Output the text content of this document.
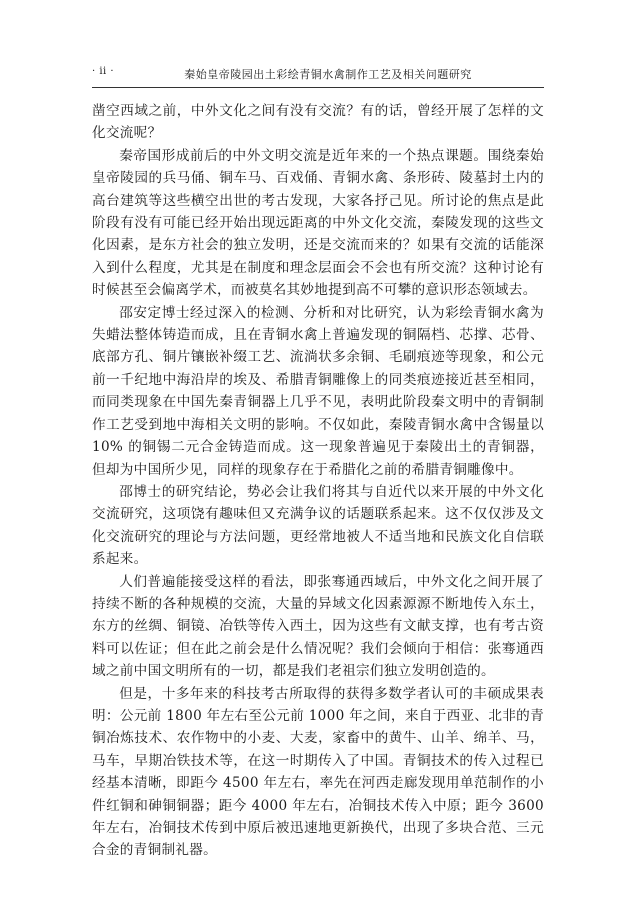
· ii ·	秦始皇帝陵园出土彩绘青铜水禽制作工艺及相关问题研究

凿空西域之前，中外文化之间有没有交流？有的话，曾经开展了怎样的文化交流呢？

秦帝国形成前后的中外文明交流是近年来的一个热点课题。围绕秦始皇帝陵园的兵马俑、铜车马、百戏俑、青铜水禽、条形砖、陵墓封土内的高台建筑等这些横空出世的考古发现，大家各抒己见。所讨论的焦点是此阶段有没有可能已经开始出现远距离的中外文化交流，秦陵发现的这些文化因素，是东方社会的独立发明，还是交流而来的？如果有交流的话能深入到什么程度，尤其是在制度和理念层面会不会也有所交流？这种讨论有时候甚至会偏离学术，而被莫名其妙地提到高不可攀的意识形态领域去。

邵安定博士经过深入的检测、分析和对比研究，认为彩绘青铜水禽为失蜡法整体铸造而成，且在青铜水禽上普遍发现的铜隔档、芯撑、芯骨、底部方孔、铜片镶嵌补缀工艺、流淌状多余铜、毛刷痕迹等现象，和公元前一千纪地中海沿岸的埃及、希腊青铜雕像上的同类痕迹接近甚至相同，而同类现象在中国先秦青铜器上几乎不见，表明此阶段秦文明中的青铜制作工艺受到地中海相关文明的影响。不仅如此，秦陵青铜水禽中含锡量以10% 的铜锡二元合金铸造而成。这一现象普遍见于秦陵出土的青铜器，但却为中国所少见，同样的现象存在于希腊化之前的希腊青铜雕像中。

邵博士的研究结论，势必会让我们将其与自近代以来开展的中外文化交流研究，这项饶有趣味但又充满争议的话题联系起来。这不仅仅涉及文化交流研究的理论与方法问题，更经常地被人不适当地和民族文化自信联系起来。

人们普遍能接受这样的看法，即张骞通西域后，中外文化之间开展了持续不断的各种规模的交流，大量的异域文化因素源源不断地传入东土，东方的丝绸、铜镜、冶铁等传入西土，因为这些有文献支撑，也有考古资料可以佐证；但在此之前会是什么情况呢？我们会倾向于相信：张骞通西域之前中国文明所有的一切，都是我们老祖宗们独立发明创造的。

但是，十多年来的科技考古所取得的获得多数学者认可的丰硕成果表明：公元前 1800 年左右至公元前 1000 年之间，来自于西亚、北非的青铜冶炼技术、农作物中的小麦、大麦，家畜中的黄牛、山羊、绵羊、马，马车，早期冶铁技术等，在这一时期传入了中国。青铜技术的传入过程已经基本清晰，即距今 4500 年左右，率先在河西走廊发现用单范制作的小件红铜和砷铜铜器；距今 4000 年左右，冶铜技术传入中原；距今 3600 年左右，冶铜技术传到中原后被迅速地更新换代，出现了多块合范、三元合金的青铜制礼器。
